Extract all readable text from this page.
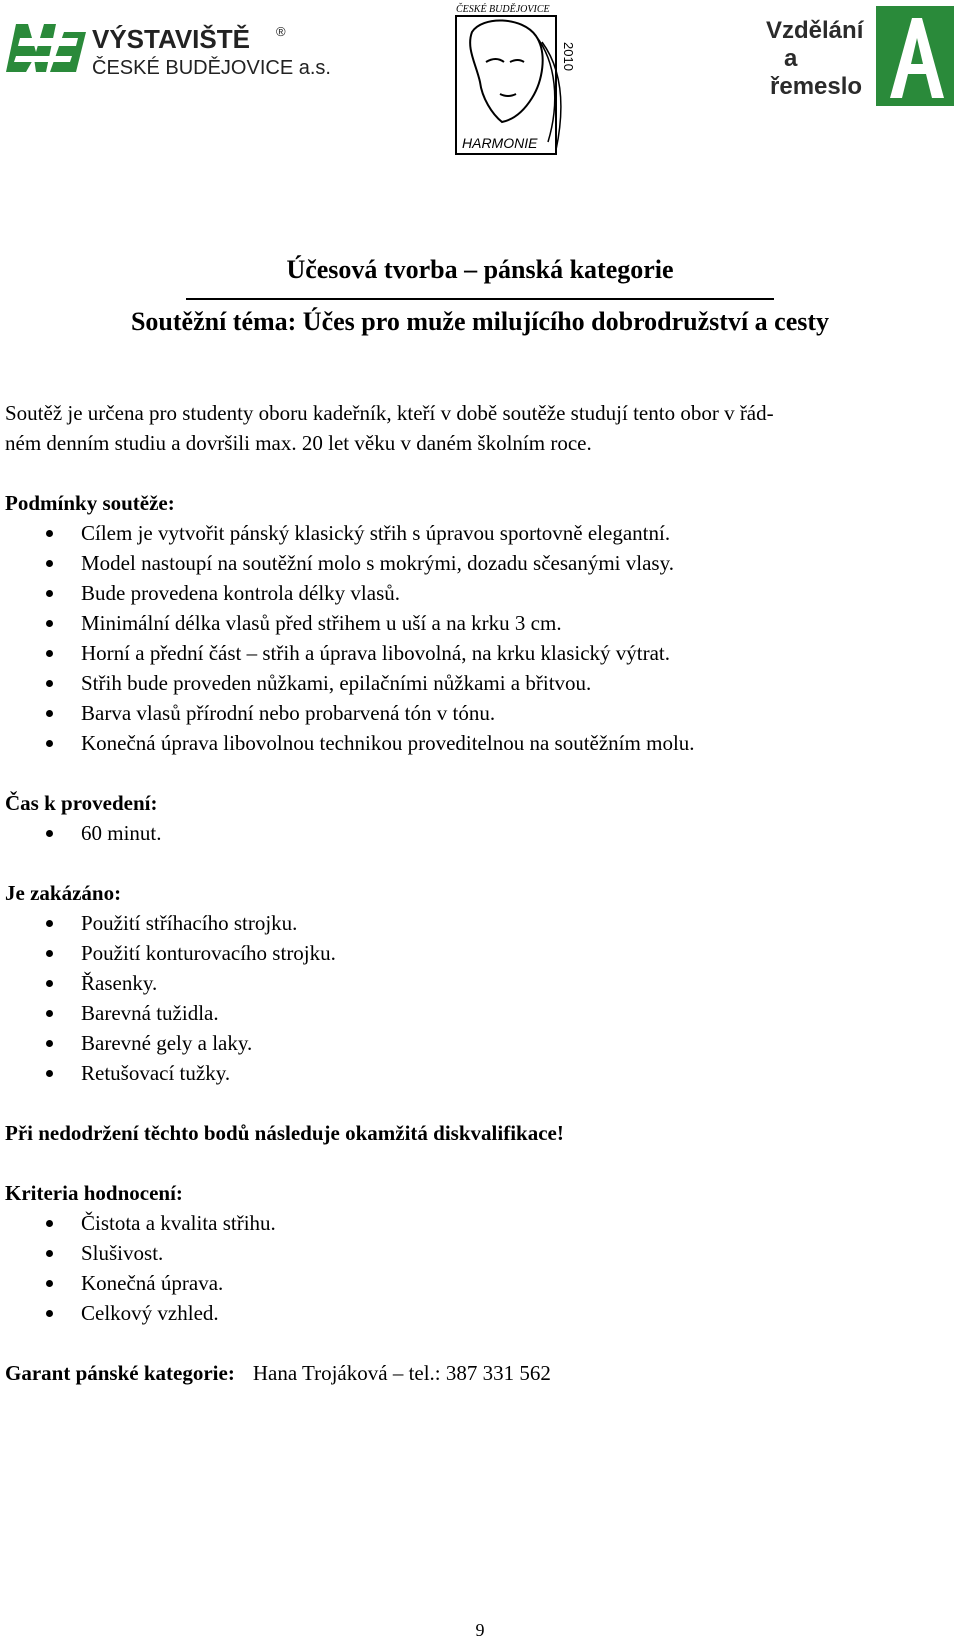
VÝSTAVIŠTĚ ®
ČESKÉ BUDĚJOVICE a.s.
ČESKÉ BUDĚJOVICE
2010
HARMONIE
Vzdělání
a
řemeslo
A
Účesová tvorba – pánská kategorie
Soutěžní téma: Účes pro muže milujícího dobrodružství a cesty

Soutěž je určena pro studenty oboru kadeřník, kteří v době soutěže studují tento obor v řád-
ném denním studiu a dovršili max. 20 let věku v daném školním roce.

Podmínky soutěže:

Cílem je vytvořit pánský klasický střih s úpravou sportovně elegantní.
Model nastoupí na soutěžní molo s mokrými, dozadu sčesanými vlasy.
Bude provedena kontrola délky vlasů.
Minimální délka vlasů před střihem u uší a na krku 3 cm.
Horní a přední část – střih a úprava libovolná, na krku klasický výtrat.
Střih bude proveden nůžkami, epilačními nůžkami a břitvou.
Barva vlasů přírodní nebo probarvená tón v tónu.
Konečná úprava libovolnou technikou proveditelnou na soutěžním molu.

Čas k provedení:

60 minut.

Je zakázáno:

Použití stříhacího strojku.
Použití konturovacího strojku.
Řasenky.
Barevná tužidla.
Barevné gely a laky.
Retušovací tužky.

Při nedodržení těchto bodů následuje okamžitá diskvalifikace!

Kriteria hodnocení:

Čistota a kvalita střihu.
Slušivost.
Konečná úprava.
Celkový vzhled.

Garant pánské kategorie: Hana Trojáková – tel.: 387 331 562

9
